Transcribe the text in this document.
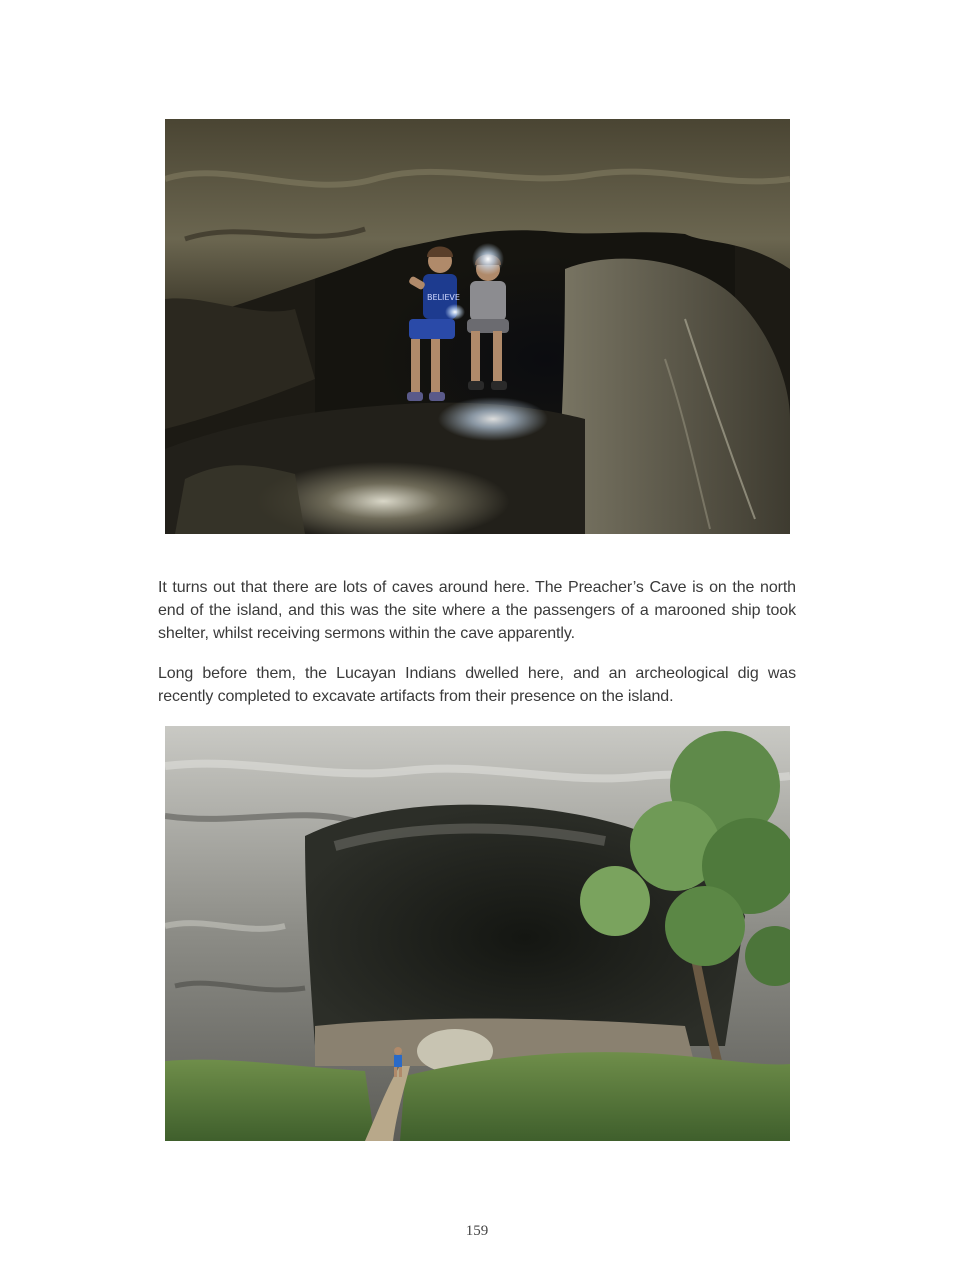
BELIEVE

It turns out that there are lots of caves around here. The Preacher’s Cave is on the north end of the island, and this was the site where a the passengers of a marooned ship took shelter, whilst receiving sermons within the cave apparently.

Long before them, the Lucayan Indians dwelled here, and an archeological dig was recently completed to excavate artifacts from their presence on the island.

159
